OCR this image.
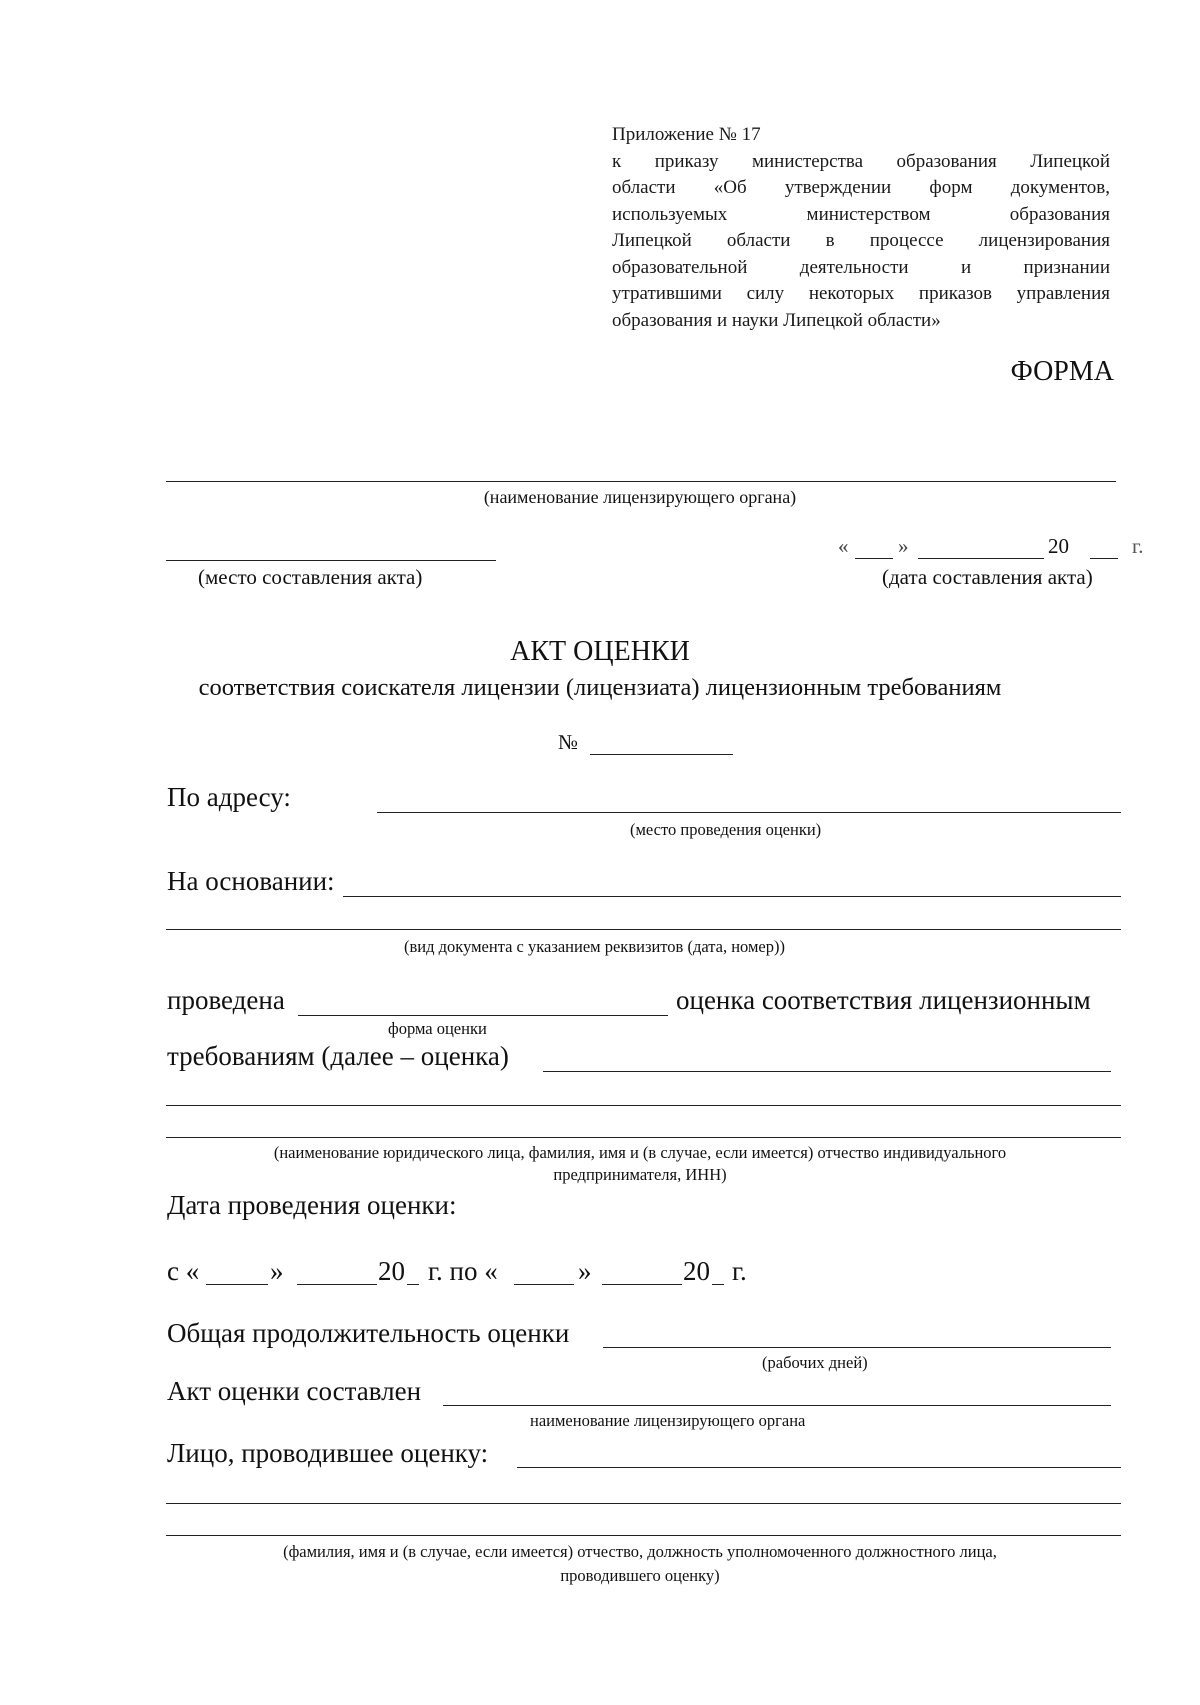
Приложение № 17
к приказу министерства образования Липецкой
области «Об утверждении форм документов,
используемых министерством образования
Липецкой области в процессе лицензирования
образовательной деятельности и признании
утратившими силу некоторых приказов управления
образования и науки Липецкой области»
ФОРМА
(наименование лицензирующего органа)
(место составления акта)
« »	20	г.
(дата составления акта)
АКТ ОЦЕНКИ
соответствия соискателя лицензии (лицензиата) лицензионным требованиям
№
По адресу:
(место проведения оценки)
На основании:
(вид документа с указанием реквизитов (дата, номер))
проведена	оценка соответствия лицензионным
форма оценки
требованиям (далее – оценка)
(наименование юридического лица, фамилия, имя и (в случае, если имеется) отчество индивидуального
предпринимателя, ИНН)
Дата проведения оценки:
с «	»	20 г. по «	»	20 г.
Общая продолжительность оценки
(рабочих дней)
Акт оценки составлен
наименование лицензирующего органа
Лицо, проводившее оценку:
(фамилия, имя и (в случае, если имеется) отчество, должность уполномоченного должностного лица,
проводившего оценку)
